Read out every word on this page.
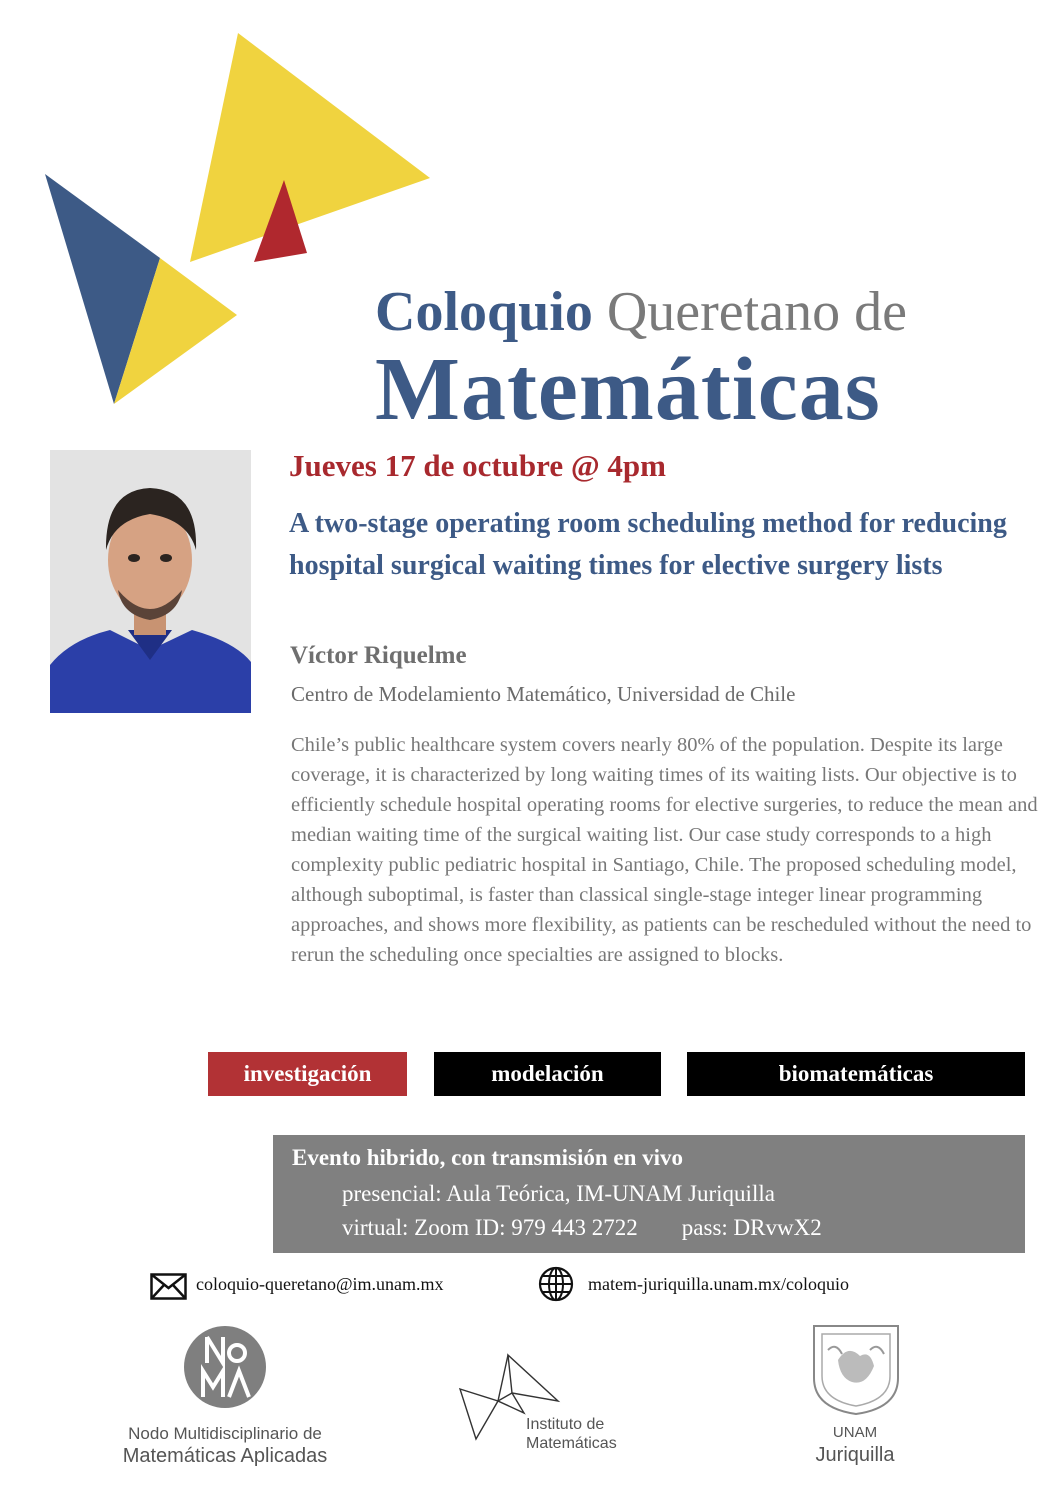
Coloquio Queretano de
Matemáticas
Jueves 17 de octubre @ 4pm
A two-stage operating room scheduling method for reducing hospital surgical waiting times for elective surgery lists
Víctor Riquelme
Centro de Modelamiento Matemático, Universidad de Chile
Chile’s public healthcare system covers nearly 80% of the population. Despite its large coverage, it is characterized by long waiting times of its waiting lists. Our objective is to efficiently schedule hospital operating rooms for elective surgeries, to reduce the mean and median waiting time of the surgical waiting list. Our case study corresponds to a high complexity public pediatric hospital in Santiago, Chile. The proposed scheduling model, although suboptimal, is faster than classical single-stage integer linear programming approaches, and shows more flexibility, as patients can be rescheduled without the need to rerun the scheduling once specialties are assigned to blocks.
investigación	modelación	biomatemáticas
Evento hibrido, con transmisión en vivo
presencial: Aula Teórica, IM-UNAM Juriquilla
virtual: Zoom ID: 979 443 2722 pass: DRvwX2
coloquio-queretano@im.unam.mx	matem-juriquilla.unam.mx/coloquio
Nodo Multidisciplinario de
Matemáticas Aplicadas
Instituto de
Matemáticas
UNAM
Juriquilla
